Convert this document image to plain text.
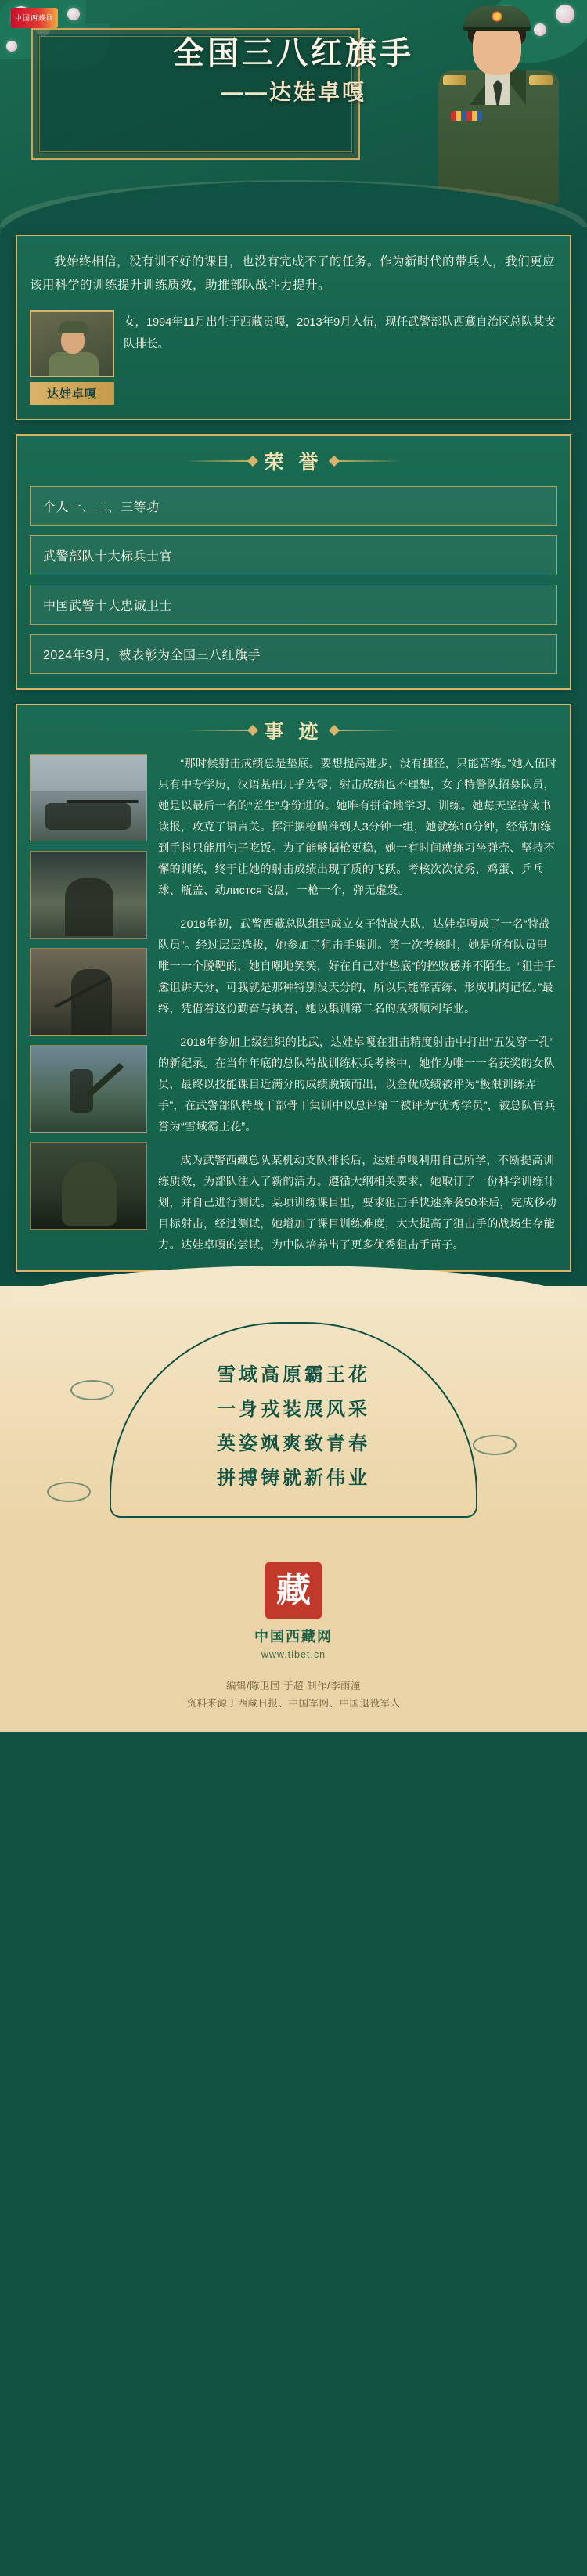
中国西藏网
全国三八红旗手
——达娃卓嘎
我始终相信，没有训不好的课目，也没有完成不了的任务。作为新时代的带兵人，我们更应该用科学的训练提升训练质效，助推部队战斗力提升。
达娃卓嘎
女，1994年11月出生于西藏贡嘎，2013年9月入伍，现任武警部队西藏自治区总队某支队排长。
荣 誉
个人一、二、三等功
武警部队十大标兵士官
中国武警十大忠诚卫士
2024年3月，被表彰为全国三八红旗手
事 迹

“那时候射击成绩总是垫底。要想提高进步，没有捷径，只能苦练。”她入伍时只有中专学历，汉语基础几乎为零，射击成绩也不理想，女子特警队招募队员，她是以最后一名的“差生”身份进的。她唯有拼命地学习、训练。她每天坚持读书读报，攻克了语言关。挥汗据枪瞄准到人3分钟一组，她就练10分钟，经常加练到手抖只能用勺子吃饭。为了能够据枪更稳，她一有时间就练习坐弹壳、坚持不懈的训练，终于让她的射击成绩出现了质的飞跃。考核次次优秀，鸡蛋、乒乓球、瓶盖、动листся飞盘，一枪一个，弹无虚发。

2018年初，武警西藏总队组建成立女子特战大队，达娃卓嘎成了一名“特战队员”。经过层层选拔，她参加了狙击手集训。第一次考核时，她是所有队员里唯一一个脱靶的，她自嘲地笑笑，好在自己对“垫底”的挫败感并不陌生。“狙击手愈诅讲天分，可我就是那种特别没天分的，所以只能靠苦练、形成肌肉记忆。”最终，凭借着这份勤奋与执着，她以集训第二名的成绩顺利毕业。

2018年参加上级组织的比武，达娃卓嘎在狙击精度射击中打出“五发穿一孔”的新纪录。在当年年底的总队特战训练标兵考核中，她作为唯一一名获奖的女队员，最终以技能课目近满分的成绩脱颖而出，以金优成绩被评为“极限训练弄手”，在武警部队特战干部骨干集训中以总评第二被评为“优秀学员”，被总队官兵誉为“雪域霸王花”。

成为武警西藏总队某机动支队排长后，达娃卓嘎利用自己所学，不断提高训练质效，为部队注入了新的活力。遵循大纲相关要求，她取订了一份科学训练计划，并自己进行测试。某项训练课目里，要求狙击手快速奔袭50米后，完成移动目标射击，经过测试，她增加了课目训练难度，大大提高了狙击手的战场生存能力。达娃卓嘎的尝试，为中队培养出了更多优秀狙击手苗子。

雪域高原霸王花
一身戎装展风采
英姿飒爽致青春
拼搏铸就新伟业
藏
中国西藏网
www.tibet.cn
编辑/陈卫国 于超 制作/李雨潼
资料来源于西藏日报、中国军网、中国退役军人
